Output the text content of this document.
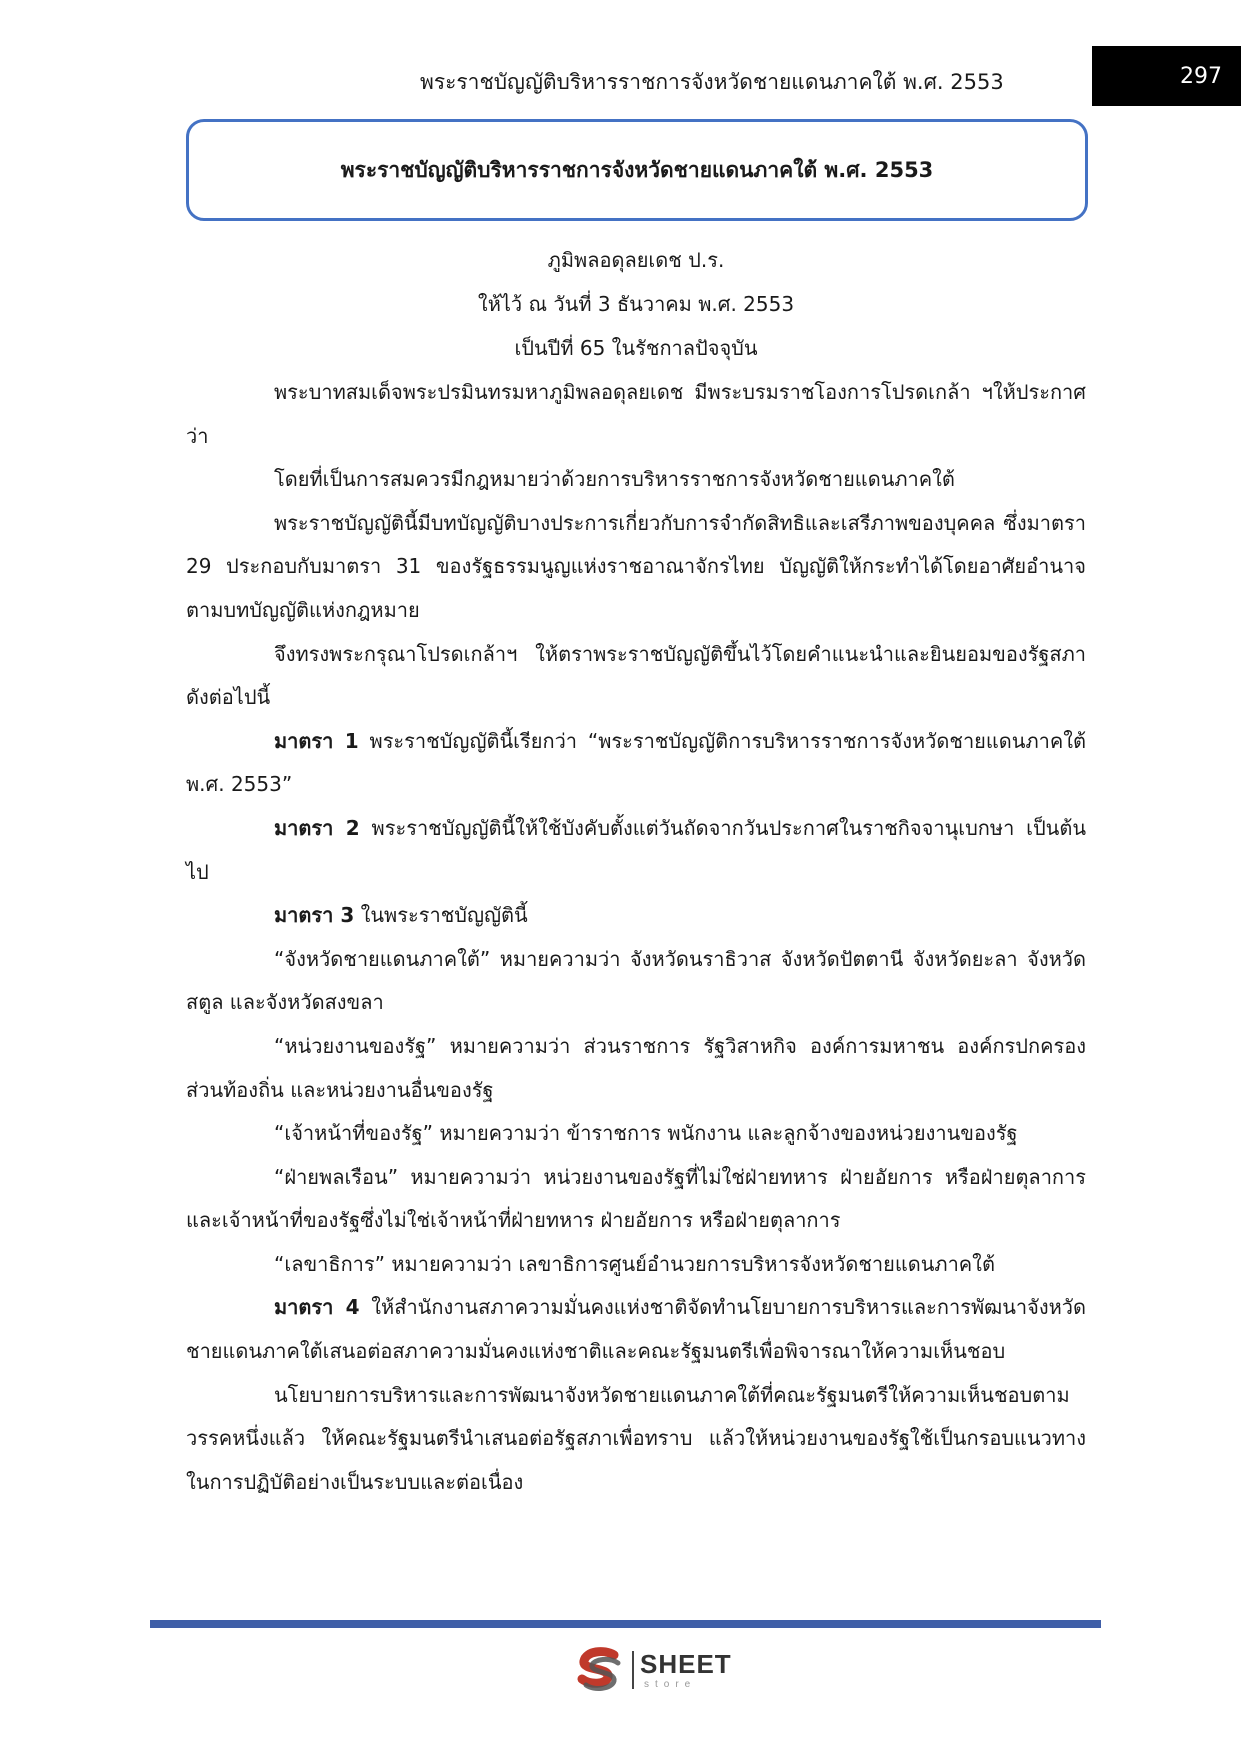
พระราชบัญญัติบริหารราชการจังหวัดชายแดนภาคใต้ พ.ศ. 2553	297
พระราชบัญญัติบริหารราชการจังหวัดชายแดนภาคใต้ พ.ศ. 2553
ภูมิพลอดุลยเดช ป.ร.
ให้ไว้ ณ วันที่ 3 ธันวาคม พ.ศ. 2553
เป็นปีที่ 65 ในรัชกาลปัจจุบัน

พระบาทสมเด็จพระปรมินทรมหาภูมิพลอดุลยเดช มีพระบรมราชโองการโปรดเกล้า ฯให้ประกาศว่า

โดยที่เป็นการสมควรมีกฎหมายว่าด้วยการบริหารราชการจังหวัดชายแดนภาคใต้

พระราชบัญญัตินี้มีบทบัญญัติบางประการเกี่ยวกับการจำกัดสิทธิและเสรีภาพของบุคคล ซึ่งมาตรา 29 ประกอบกับมาตรา 31 ของรัฐธรรมนูญแห่งราชอาณาจักรไทย บัญญัติให้กระทำได้โดยอาศัยอำนาจตามบทบัญญัติแห่งกฎหมาย

จึงทรงพระกรุณาโปรดเกล้าฯ ให้ตราพระราชบัญญัติขึ้นไว้โดยคำแนะนำและยินยอมของรัฐสภาดังต่อไปนี้

มาตรา 1 พระราชบัญญัตินี้เรียกว่า “พระราชบัญญัติการบริหารราชการจังหวัดชายแดนภาคใต้ พ.ศ. 2553”

มาตรา 2 พระราชบัญญัตินี้ให้ใช้บังคับตั้งแต่วันถัดจากวันประกาศในราชกิจจานุเบกษา เป็นต้นไป

มาตรา 3 ในพระราชบัญญัตินี้

“จังหวัดชายแดนภาคใต้” หมายความว่า จังหวัดนราธิวาส จังหวัดปัตตานี จังหวัดยะลา จังหวัดสตูล และจังหวัดสงขลา

“หน่วยงานของรัฐ” หมายความว่า ส่วนราชการ รัฐวิสาหกิจ องค์การมหาชน องค์กรปกครองส่วนท้องถิ่น และหน่วยงานอื่นของรัฐ

“เจ้าหน้าที่ของรัฐ” หมายความว่า ข้าราชการ พนักงาน และลูกจ้างของหน่วยงานของรัฐ

“ฝ่ายพลเรือน” หมายความว่า หน่วยงานของรัฐที่ไม่ใช่ฝ่ายทหาร ฝ่ายอัยการ หรือฝ่ายตุลาการ และเจ้าหน้าที่ของรัฐซึ่งไม่ใช่เจ้าหน้าที่ฝ่ายทหาร ฝ่ายอัยการ หรือฝ่ายตุลาการ

“เลขาธิการ” หมายความว่า เลขาธิการศูนย์อำนวยการบริหารจังหวัดชายแดนภาคใต้

มาตรา 4 ให้สำนักงานสภาความมั่นคงแห่งชาติจัดทำนโยบายการบริหารและการพัฒนาจังหวัดชายแดนภาคใต้เสนอต่อสภาความมั่นคงแห่งชาติและคณะรัฐมนตรีเพื่อพิจารณาให้ความเห็นชอบ

นโยบายการบริหารและการพัฒนาจังหวัดชายแดนภาคใต้ที่คณะรัฐมนตรีให้ความเห็นชอบตามวรรคหนึ่งแล้ว ให้คณะรัฐมนตรีนำเสนอต่อรัฐสภาเพื่อทราบ แล้วให้หน่วยงานของรัฐใช้เป็นกรอบแนวทางในการปฏิบัติอย่างเป็นระบบและต่อเนื่อง

SHEET
store
